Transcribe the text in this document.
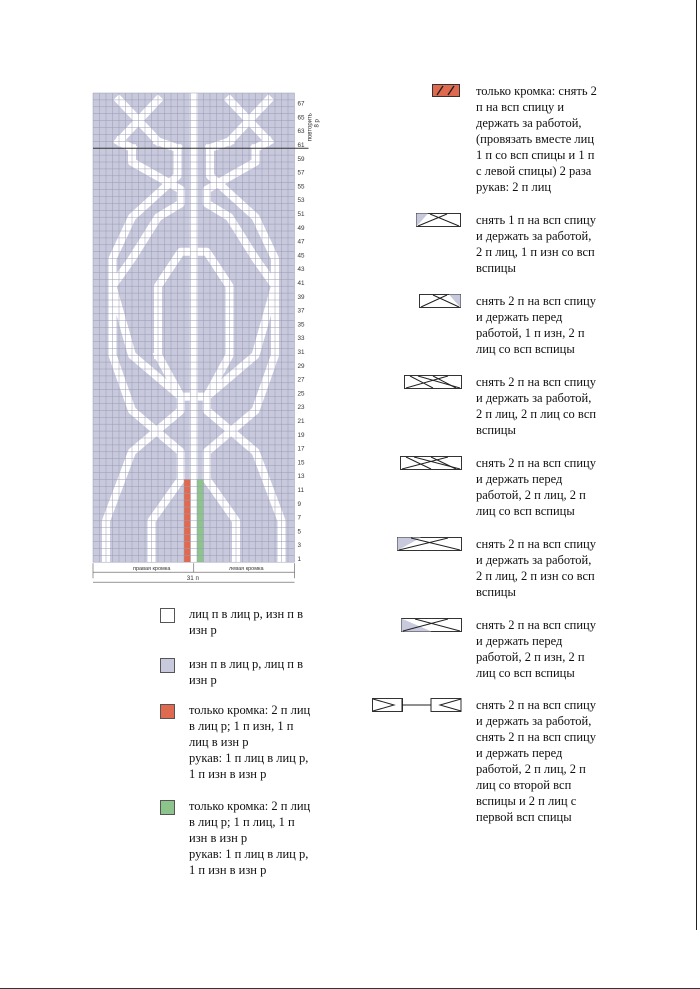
67
65
63
61
59
57
55
53
51
49
47
45
43
41
39
37
35
33
31
29
27
25
23
21
19
17
15
13
11
9
7
5
3
1
повторить 8 р
правая кромка	левая кромка
31 п
лиц п в лиц р, изн п в
изн р
изн п в лиц р, лиц п в
изн р
только кромка: 2 п лиц
в лиц р; 1 п изн, 1 п
лиц в изн р
рукав: 1 п лиц в лиц р,
1 п изн в изн р
только кромка: 2 п лиц
в лиц р; 1 п лиц, 1 п
изн в изн р
рукав: 1 п лиц в лиц р,
1 п изн в изн р
только кромка: снять 2
п на вcп спицу и
держать за работой,
(провязать вместе лиц
1 п со вcп спицы и 1 п
с левой спицы) 2 раза
рукав: 2 п лиц
снять 1 п на вcп спицу
и держать за работой,
2 п лиц, 1 п изн со вcп
вспицы
снять 2 п на вcп спицу
и держать перед
работой, 1 п изн, 2 п
лиц со вcп вспицы
снять 2 п на вcп спицу
и держать за работой,
2 п лиц, 2 п лиц со вcп
вспицы
снять 2 п на вcп спицу
и держать перед
работой, 2 п лиц, 2 п
лиц со вcп вспицы
снять 2 п на вcп спицу
и держать за работой,
2 п лиц, 2 п изн со вcп
вспицы
снять 2 п на вcп спицу
и держать перед
работой, 2 п изн, 2 п
лиц со вcп вспицы
снять 2 п на вcп спицу
и держать за работой,
снять 2 п на вcп спицу
и держать перед
работой, 2 п лиц, 2 п
лиц со второй вcп
вспицы и 2 п лиц с
первой вcп спицы
